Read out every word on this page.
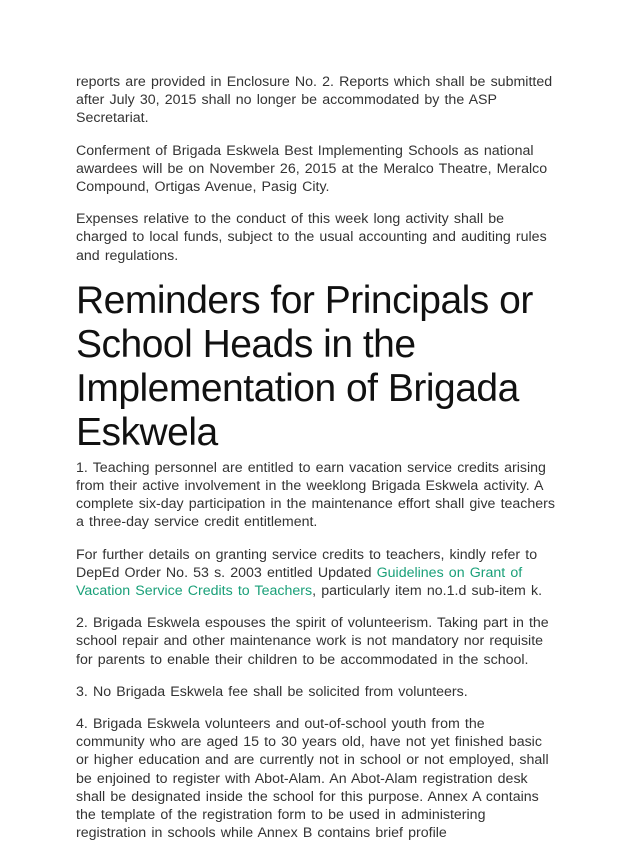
reports are provided in Enclosure No. 2. Reports which shall be submitted after July 30, 2015 shall no longer be accommodated by the ASP Secretariat.

Conferment of Brigada Eskwela Best Implementing Schools as national awardees will be on November 26, 2015 at the Meralco Theatre, Meralco Compound, Ortigas Avenue, Pasig City.

Expenses relative to the conduct of this week long activity shall be charged to local funds, subject to the usual accounting and auditing rules and regulations.

Reminders for Principals or School Heads in the Implementation of Brigada Eskwela

1. Teaching personnel are entitled to earn vacation service credits arising from their active involvement in the weeklong Brigada Eskwela activity. A complete six-day participation in the maintenance effort shall give teachers a three-day service credit entitlement.

For further details on granting service credits to teachers, kindly refer to DepEd Order No. 53 s. 2003 entitled Updated Guidelines on Grant of Vacation Service Credits to Teachers, particularly item no.1.d sub-item k.

2. Brigada Eskwela espouses the spirit of volunteerism. Taking part in the school repair and other maintenance work is not mandatory nor requisite for parents to enable their children to be accommodated in the school.

3. No Brigada Eskwela fee shall be solicited from volunteers.

4. Brigada Eskwela volunteers and out-of-school youth from the community who are aged 15 to 30 years old, have not yet finished basic or higher education and are currently not in school or not employed, shall be enjoined to register with Abot-Alam. An Abot-Alam registration desk shall be designated inside the school for this purpose. Annex A contains the template of the registration form to be used in administering registration in schools while Annex B contains brief profile
